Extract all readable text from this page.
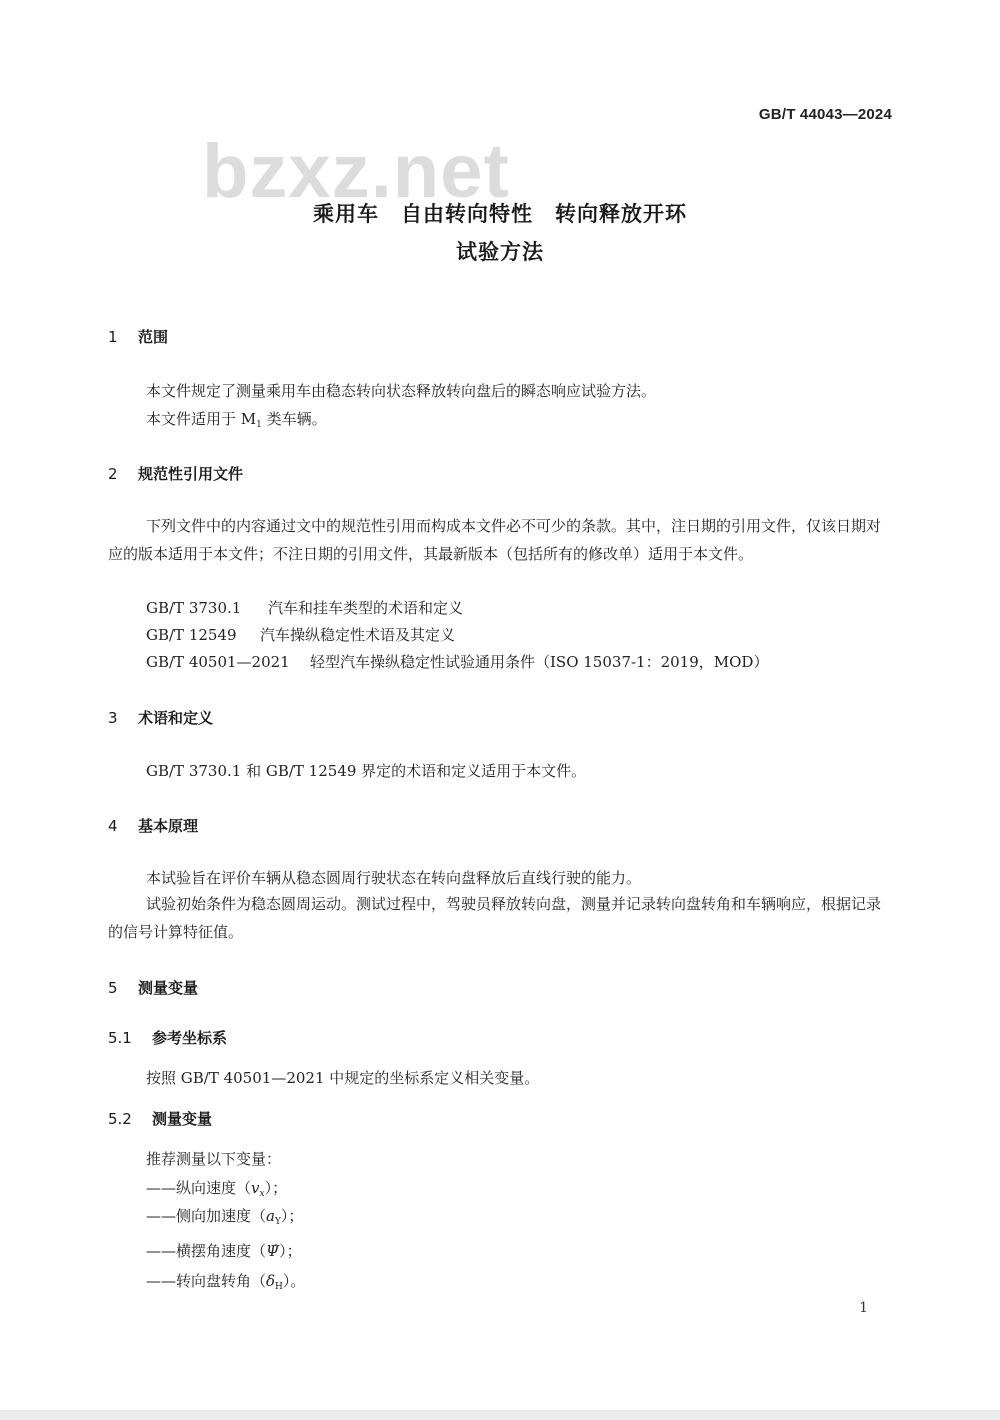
bzxz.net
GB/T 44043—2024
乘用车　自由转向特性　转向释放开环
试验方法
1 范围
本文件规定了测量乘用车由稳态转向状态释放转向盘后的瞬态响应试验方法。
本文件适用于 $M_1$ 类车辆。
2 规范性引用文件
下列文件中的内容通过文中的规范性引用而构成本文件必不可少的条款。其中，注日期的引用文件，仅该日期对应的版本适用于本文件；不注日期的引用文件，其最新版本（包括所有的修改单）适用于本文件。
GB/T 3730.1 汽车和挂车类型的术语和定义
GB/T 12549 汽车操纵稳定性术语及其定义
GB/T 40501—2021 轻型汽车操纵稳定性试验通用条件（ISO 15037-1：2019，MOD）
3 术语和定义
GB/T 3730.1 和 GB/T 12549 界定的术语和定义适用于本文件。
4 基本原理
本试验旨在评价车辆从稳态圆周行驶状态在转向盘释放后直线行驶的能力。
试验初始条件为稳态圆周运动。测试过程中，驾驶员释放转向盘，测量并记录转向盘转角和车辆响应，根据记录的信号计算特征值。
5 测量变量
5.1 参考坐标系
按照 GB/T 40501—2021 中规定的坐标系定义相关变量。
5.2 测量变量
推荐测量以下变量：
——纵向速度$(v_x)$；
——侧向加速度$(a_Y)$；
——横摆角速度（Ψ̇）；
——转向盘转角$(\delta_H)$。
1
